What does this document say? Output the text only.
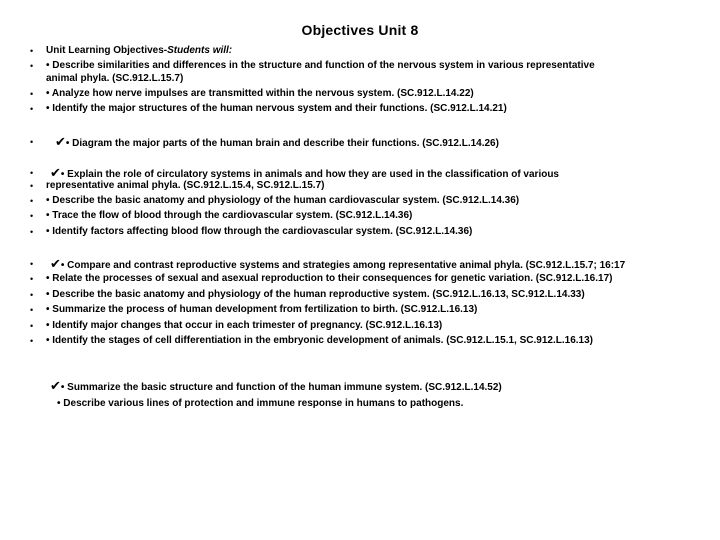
Objectives Unit 8
• Unit Learning Objectives-Students will:
• • Describe similarities and differences in the structure and function of the nervous system in various representative
animal phyla. (SC.912.L.15.7)
• • Analyze how nerve impulses are transmitted within the nervous system. (SC.912.L.14.22)
• • Identify the major structures of the human nervous system and their functions. (SC.912.L.14.21)
• ✔• Diagram the major parts of the human brain and describe their functions. (SC.912.L.14.26)
• ✔• Explain the role of circulatory systems in animals and how they are used in the classification of various
• representative animal phyla. (SC.912.L.15.4, SC.912.L.15.7)
• • Describe the basic anatomy and physiology of the human cardiovascular system. (SC.912.L.14.36)
• • Trace the flow of blood through the cardiovascular system. (SC.912.L.14.36)
• • Identify factors affecting blood flow through the cardiovascular system. (SC.912.L.14.36)
• ✔• Compare and contrast reproductive systems and strategies among representative animal phyla. (SC.912.L.15.7; 16:17
• • Relate the processes of sexual and asexual reproduction to their consequences for genetic variation. (SC.912.L.16.17)
• • Describe the basic anatomy and physiology of the human reproductive system. (SC.912.L.16.13, SC.912.L.14.33)
• • Summarize the process of human development from fertilization to birth. (SC.912.L.16.13)
• • Identify major changes that occur in each trimester of pregnancy. (SC.912.L.16.13)
• • Identify the stages of cell differentiation in the embryonic development of animals. (SC.912.L.15.1, SC.912.L.16.13)
✔• Summarize the basic structure and function of the human immune system. (SC.912.L.14.52)
• Describe various lines of protection and immune response in humans to pathogens.
